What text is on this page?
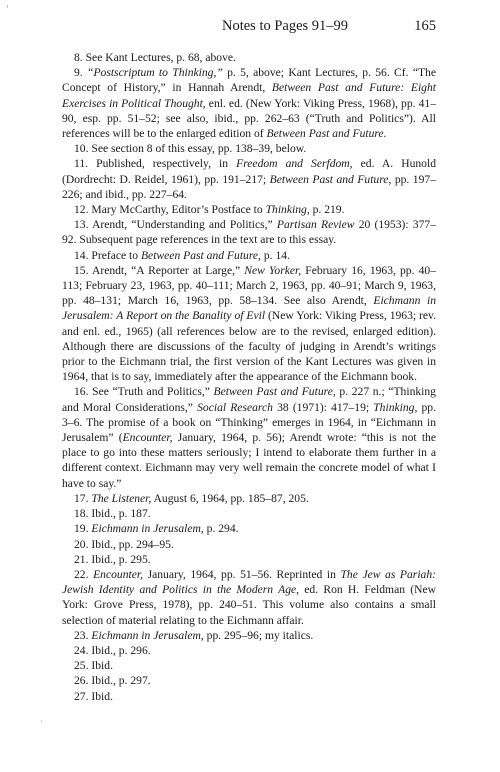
ʼ
ˏ
Notes to Pages 91–99	165
8. See Kant Lectures, p. 68, above.
9. “Postscriptum to Thinking,” p. 5, above; Kant Lectures, p. 56. Cf. “The Concept of History,” in Hannah Arendt, Between Past and Future: Eight Exercises in Political Thought, enl. ed. (New York: Viking Press, 1968), pp. 41–90, esp. pp. 51–52; see also, ibid., pp. 262–63 (“Truth and Politics”). All references will be to the enlarged edition of Between Past and Future.
10. See section 8 of this essay, pp. 138–39, below.
11. Published, respectively, in Freedom and Serfdom, ed. A. Hunold (Dordrecht: D. Reidel, 1961), pp. 191–217; Between Past and Future, pp. 197–226; and ibid., pp. 227–64.
12. Mary McCarthy, Editor’s Postface to Thinking, p. 219.
13. Arendt, “Understanding and Politics,” Partisan Review 20 (1953): 377–92. Subsequent page references in the text are to this essay.
14. Preface to Between Past and Future, p. 14.
15. Arendt, “A Reporter at Large,” New Yorker, February 16, 1963, pp. 40–113; February 23, 1963, pp. 40–111; March 2, 1963, pp. 40–91; March 9, 1963, pp. 48–131; March 16, 1963, pp. 58–134. See also Arendt, Eichmann in Jerusalem: A Report on the Banality of Evil (New York: Viking Press, 1963; rev. and enl. ed., 1965) (all references below are to the revised, enlarged edition). Although there are discussions of the faculty of judging in Arendt’s writings prior to the Eichmann trial, the first version of the Kant Lectures was given in 1964, that is to say, immediately after the appearance of the Eichmann book.
16. See “Truth and Politics,” Between Past and Future, p. 227 n.; “Thinking and Moral Considerations,” Social Research 38 (1971): 417–19; Thinking, pp. 3–6. The promise of a book on “Thinking” emerges in 1964, in “Eichmann in Jerusalem” (Encounter, January, 1964, p. 56); Arendt wrote: “this is not the place to go into these matters seriously; I intend to elaborate them further in a different context. Eichmann may very well remain the concrete model of what I have to say.”
17. The Listener, August 6, 1964, pp. 185–87, 205.
18. Ibid., p. 187.
19. Eichmann in Jerusalem, p. 294.
20. Ibid., pp. 294–95.
21. Ibid., p. 295.
22. Encounter, January, 1964, pp. 51–56. Reprinted in The Jew as Pariah: Jewish Identity and Politics in the Modern Age, ed. Ron H. Feldman (New York: Grove Press, 1978), pp. 240–51. This volume also contains a small selection of material relating to the Eichmann affair.
23. Eichmann in Jerusalem, pp. 295–96; my italics.
24. Ibid., p. 296.
25. Ibid.
26. Ibid., p. 297.
27. Ibid.
